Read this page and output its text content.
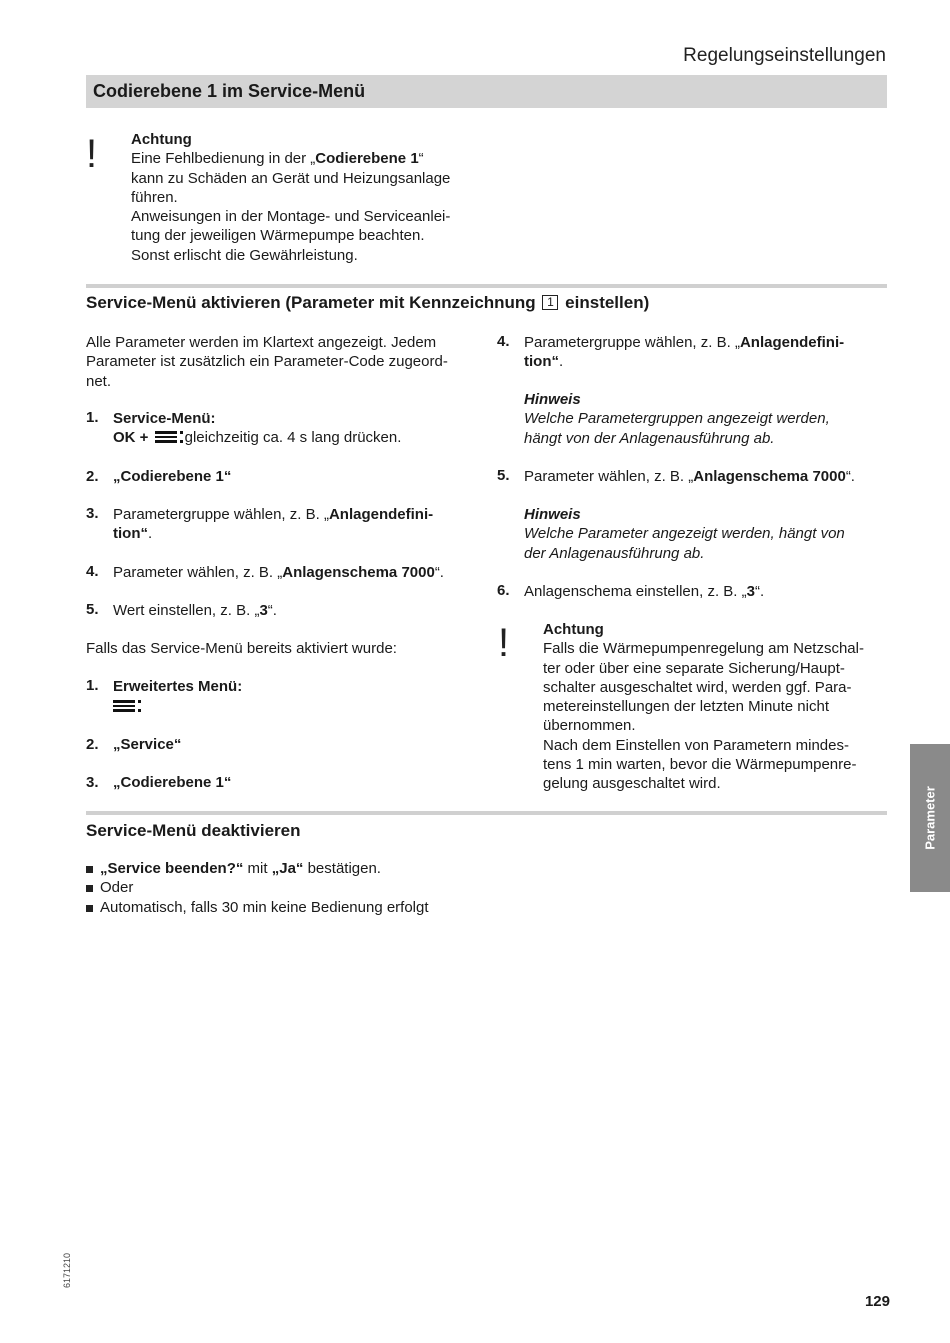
Regelungseinstellungen
Codierebene 1 im Service-Menü
! Achtung
Eine Fehlbedienung in der „Codierebene 1“
kann zu Schäden an Gerät und Heizungsanlage
führen.
Anweisungen in der Montage- und Serviceanlei-
tung der jeweiligen Wärmepumpe beachten.
Sonst erlischt die Gewährleistung.
Service-Menü aktivieren (Parameter mit Kennzeichnung 1 einstellen)
Alle Parameter werden im Klartext angezeigt. Jedem
Parameter ist zusätzlich ein Parameter-Code zugeord-
net.
1. Service-Menü:
OK + gleichzeitig ca. 4 s lang drücken.
2. „Codierebene 1“
3. Parametergruppe wählen, z. B. „Anlagendefini-
tion“.
4. Parameter wählen, z. B. „Anlagenschema 7000“.
5. Wert einstellen, z. B. „3“.
Falls das Service-Menü bereits aktiviert wurde:
1. Erweitertes Menü:
2. „Service“
3. „Codierebene 1“
4. Parametergruppe wählen, z. B. „Anlagendefini-
tion“.
Hinweis
Welche Parametergruppen angezeigt werden,
hängt von der Anlagenausführung ab.
5. Parameter wählen, z. B. „Anlagenschema 7000“.
Hinweis
Welche Parameter angezeigt werden, hängt von
der Anlagenausführung ab.
6. Anlagenschema einstellen, z. B. „3“.
! Achtung
Falls die Wärmepumpenregelung am Netzschal-
ter oder über eine separate Sicherung/Haupt-
schalter ausgeschaltet wird, werden ggf. Para-
metereinstellungen der letzten Minute nicht
übernommen.
Nach dem Einstellen von Parametern mindes-
tens 1 min warten, bevor die Wärmepumpenre-
gelung ausgeschaltet wird.
Service-Menü deaktivieren
„Service beenden?“ mit „Ja“ bestätigen.
Oder
Automatisch, falls 30 min keine Bedienung erfolgt
Parameter
6171210
129
